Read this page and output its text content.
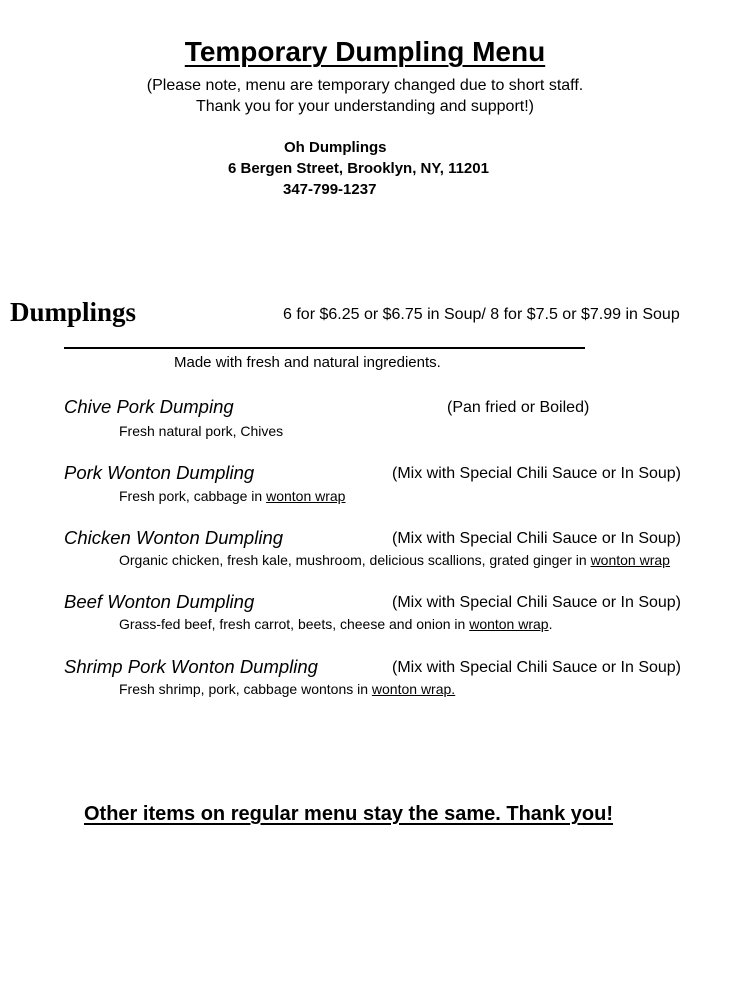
Temporary Dumpling Menu
(Please note, menu are temporary changed due to short staff.
Thank you for your understanding and support!)
Oh Dumplings
6 Bergen Street, Brooklyn, NY, 11201
347-799-1237
Dumplings	6 for $6.25 or $6.75 in Soup/ 8 for $7.5 or $7.99 in Soup
Made with fresh and natural ingredients.
Chive Pork Dumping	(Pan fried or Boiled)
Fresh natural pork, Chives
Pork Wonton Dumpling	(Mix with Special Chili Sauce or In Soup)
Fresh pork, cabbage in wonton wrap
Chicken Wonton Dumpling	(Mix with Special Chili Sauce or In Soup)
Organic chicken, fresh kale, mushroom, delicious scallions, grated ginger in wonton wrap
Beef Wonton Dumpling	(Mix with Special Chili Sauce or In Soup)
Grass-fed beef, fresh carrot, beets, cheese and onion in wonton wrap.
Shrimp Pork Wonton Dumpling	(Mix with Special Chili Sauce or In Soup)
Fresh shrimp, pork, cabbage wontons in wonton wrap.
Other items on regular menu stay the same. Thank you!
